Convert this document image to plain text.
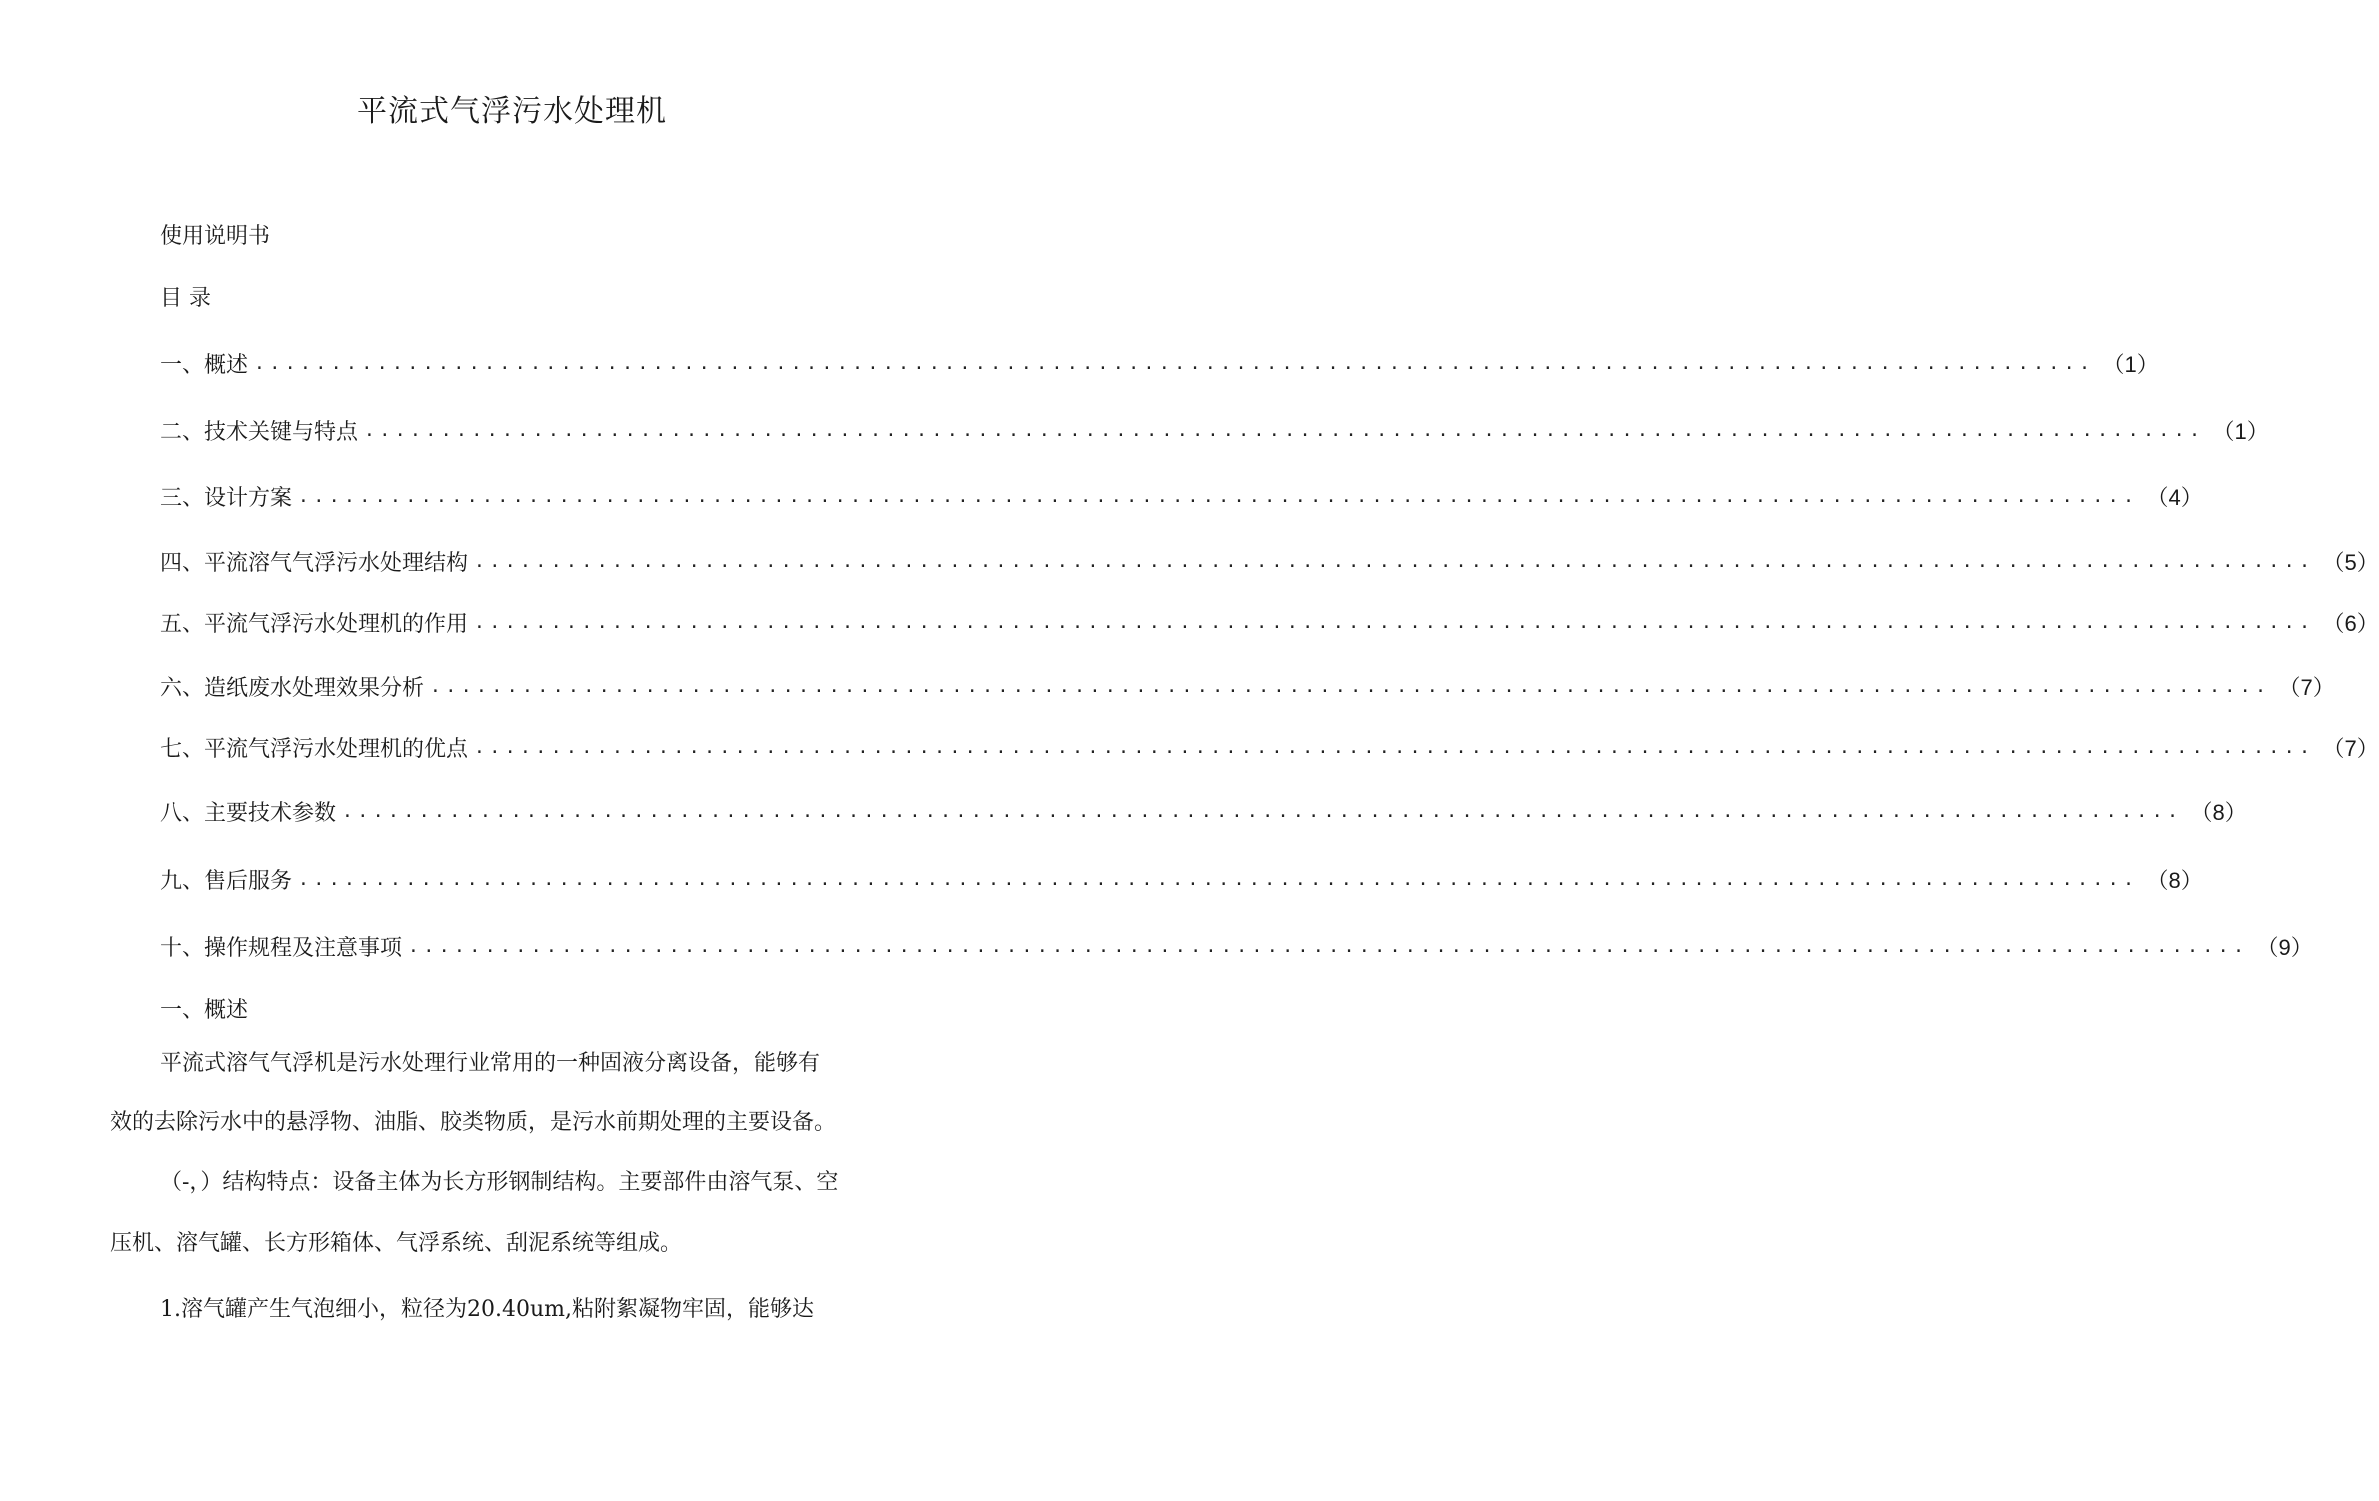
平流式气浮污水处理机
使用说明书
目 录
一、概述 ........................................................................................................................ （1）
二、技术关键与特点 ........................................................................................................................ （1）
三、设计方案 ........................................................................................................................ （4）
四、平流溶气气浮污水处理结构 ........................................................................................................................ （5）
五、平流气浮污水处理机的作用 ........................................................................................................................ （6）
六、造纸废水处理效果分析 ........................................................................................................................ （7）
七、平流气浮污水处理机的优点 ........................................................................................................................ （7）
八、主要技术参数 ........................................................................................................................ （8）
九、售后服务 ........................................................................................................................ （8）
十、操作规程及注意事项 ........................................................................................................................ （9）
一、概述
平流式溶气气浮机是污水处理行业常用的一种固液分离设备，能够有
效的去除污水中的悬浮物、油脂、胶类物质，是污水前期处理的主要设备。
（-，）结构特点：设备主体为长方形钢制结构。主要部件由溶气泵、空
压机、溶气罐、长方形箱体、气浮系统、刮泥系统等组成。
1.溶气罐产生气泡细小，粒径为20.40um,粘附絮凝物牢固，能够达
